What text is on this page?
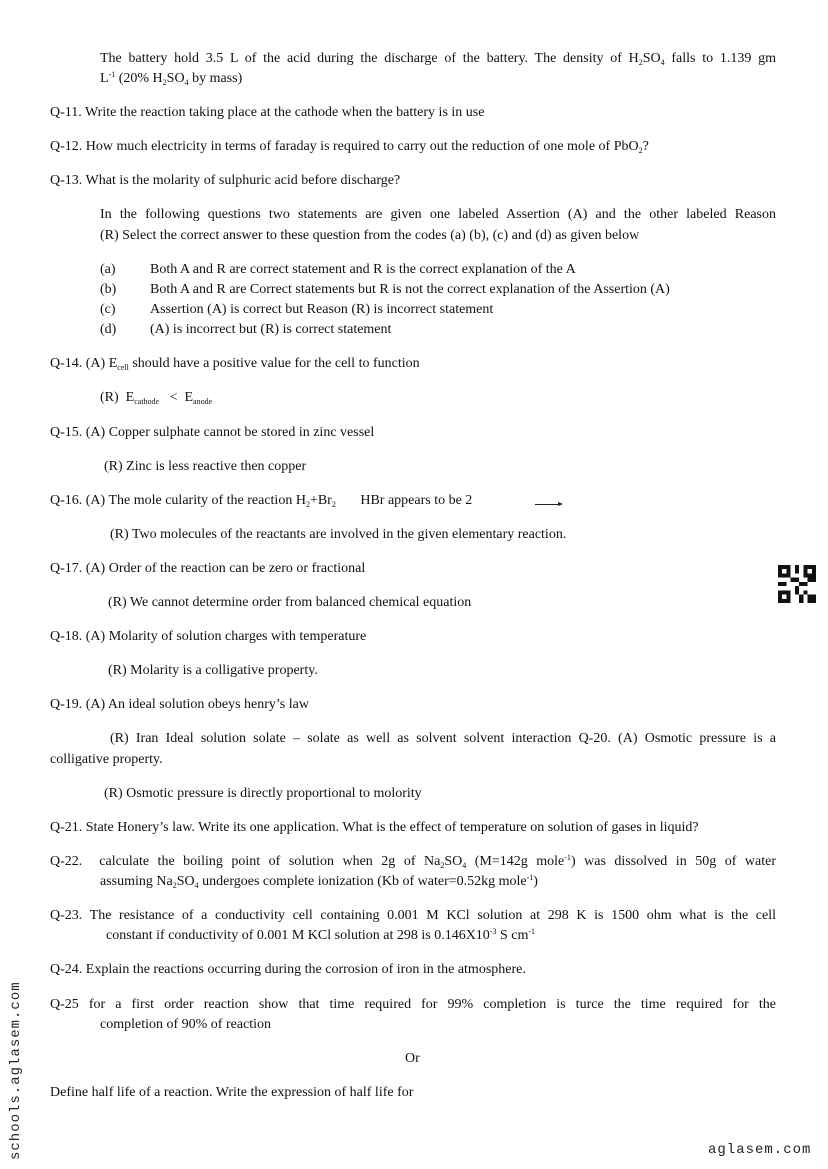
The battery hold 3.5 L of the acid during the discharge of the battery. The density of $H_2SO_4$ falls to 1.139 gm
$L^{-1}$ (20% $H_2SO_4$ by mass)
Q-11. Write the reaction taking place at the cathode when the battery is in use
Q-12. How much electricity in terms of faraday is required to carry out the reduction of one mole of PbO$_2$?
Q-13. What is the molarity of sulphuric acid before discharge?
In the following questions two statements are given one labeled Assertion (A) and the other labeled Reason
(R) Select the correct answer to these question from the codes (a) (b), (c) and (d) as given below
(a) Both A and R are correct statement and R is the correct explanation of the A
(b) Both A and R are Correct statements but R is not the correct explanation of the Assertion (A)
(c) Assertion (A) is correct but Reason (R) is incorrect statement
(d) (A) is incorrect but (R) is correct statement
Q-14. (A) $E_{cell}$ should have a positive value for the cell to function
(R)  $E_{cathode} < E_{anode}$
Q-15. (A) Copper sulphate cannot be stored in zinc vessel
(R) Zinc is less reactive then copper
Q-16. (A) The mole cularity of the reaction $H_2+Br_2$       HBr appears to be 2
(R) Two molecules of the reactants are involved in the given elementary reaction.
Q-17. (A) Order of the reaction can be zero or fractional
(R) We cannot determine order from balanced chemical equation
Q-18. (A) Molarity of solution charges with temperature
(R) Molarity is a colligative property.
Q-19. (A) An ideal solution obeys henry’s law
(R) Iran Ideal solution solate – solate as well as solvent solvent interaction Q-20. (A) Osmotic pressure is a
colligative property.
(R) Osmotic pressure is directly proportional to molority
Q-21. State Honery’s law. Write its one application. What is the effect of temperature on solution of gases in liquid?
Q-22.  calculate the boiling point of solution when 2g of $Na_2SO_4$ (M=142g mole$^{-1}$) was dissolved in 50g of water
assuming $Na_2SO_4$ undergoes complete ionization (Kb of water=0.52kg mole$^{-1}$)
Q-23. The resistance of a conductivity cell containing 0.001 M KCl solution at 298 K is 1500 ohm what is the cell
constant if conductivity of 0.001 M KCl solution at 298 is $0.146X10^{-3}$ S $cm^{-1}$
Q-24. Explain the reactions occurring during the corrosion of iron in the atmosphere.
Q-25 for a first order reaction show that time required for 99% completion is turce the time required for the
completion of 90% of reaction
Or
Define half life of a reaction. Write the expression of half life for
schools.aglasem.com	aglasem.com
